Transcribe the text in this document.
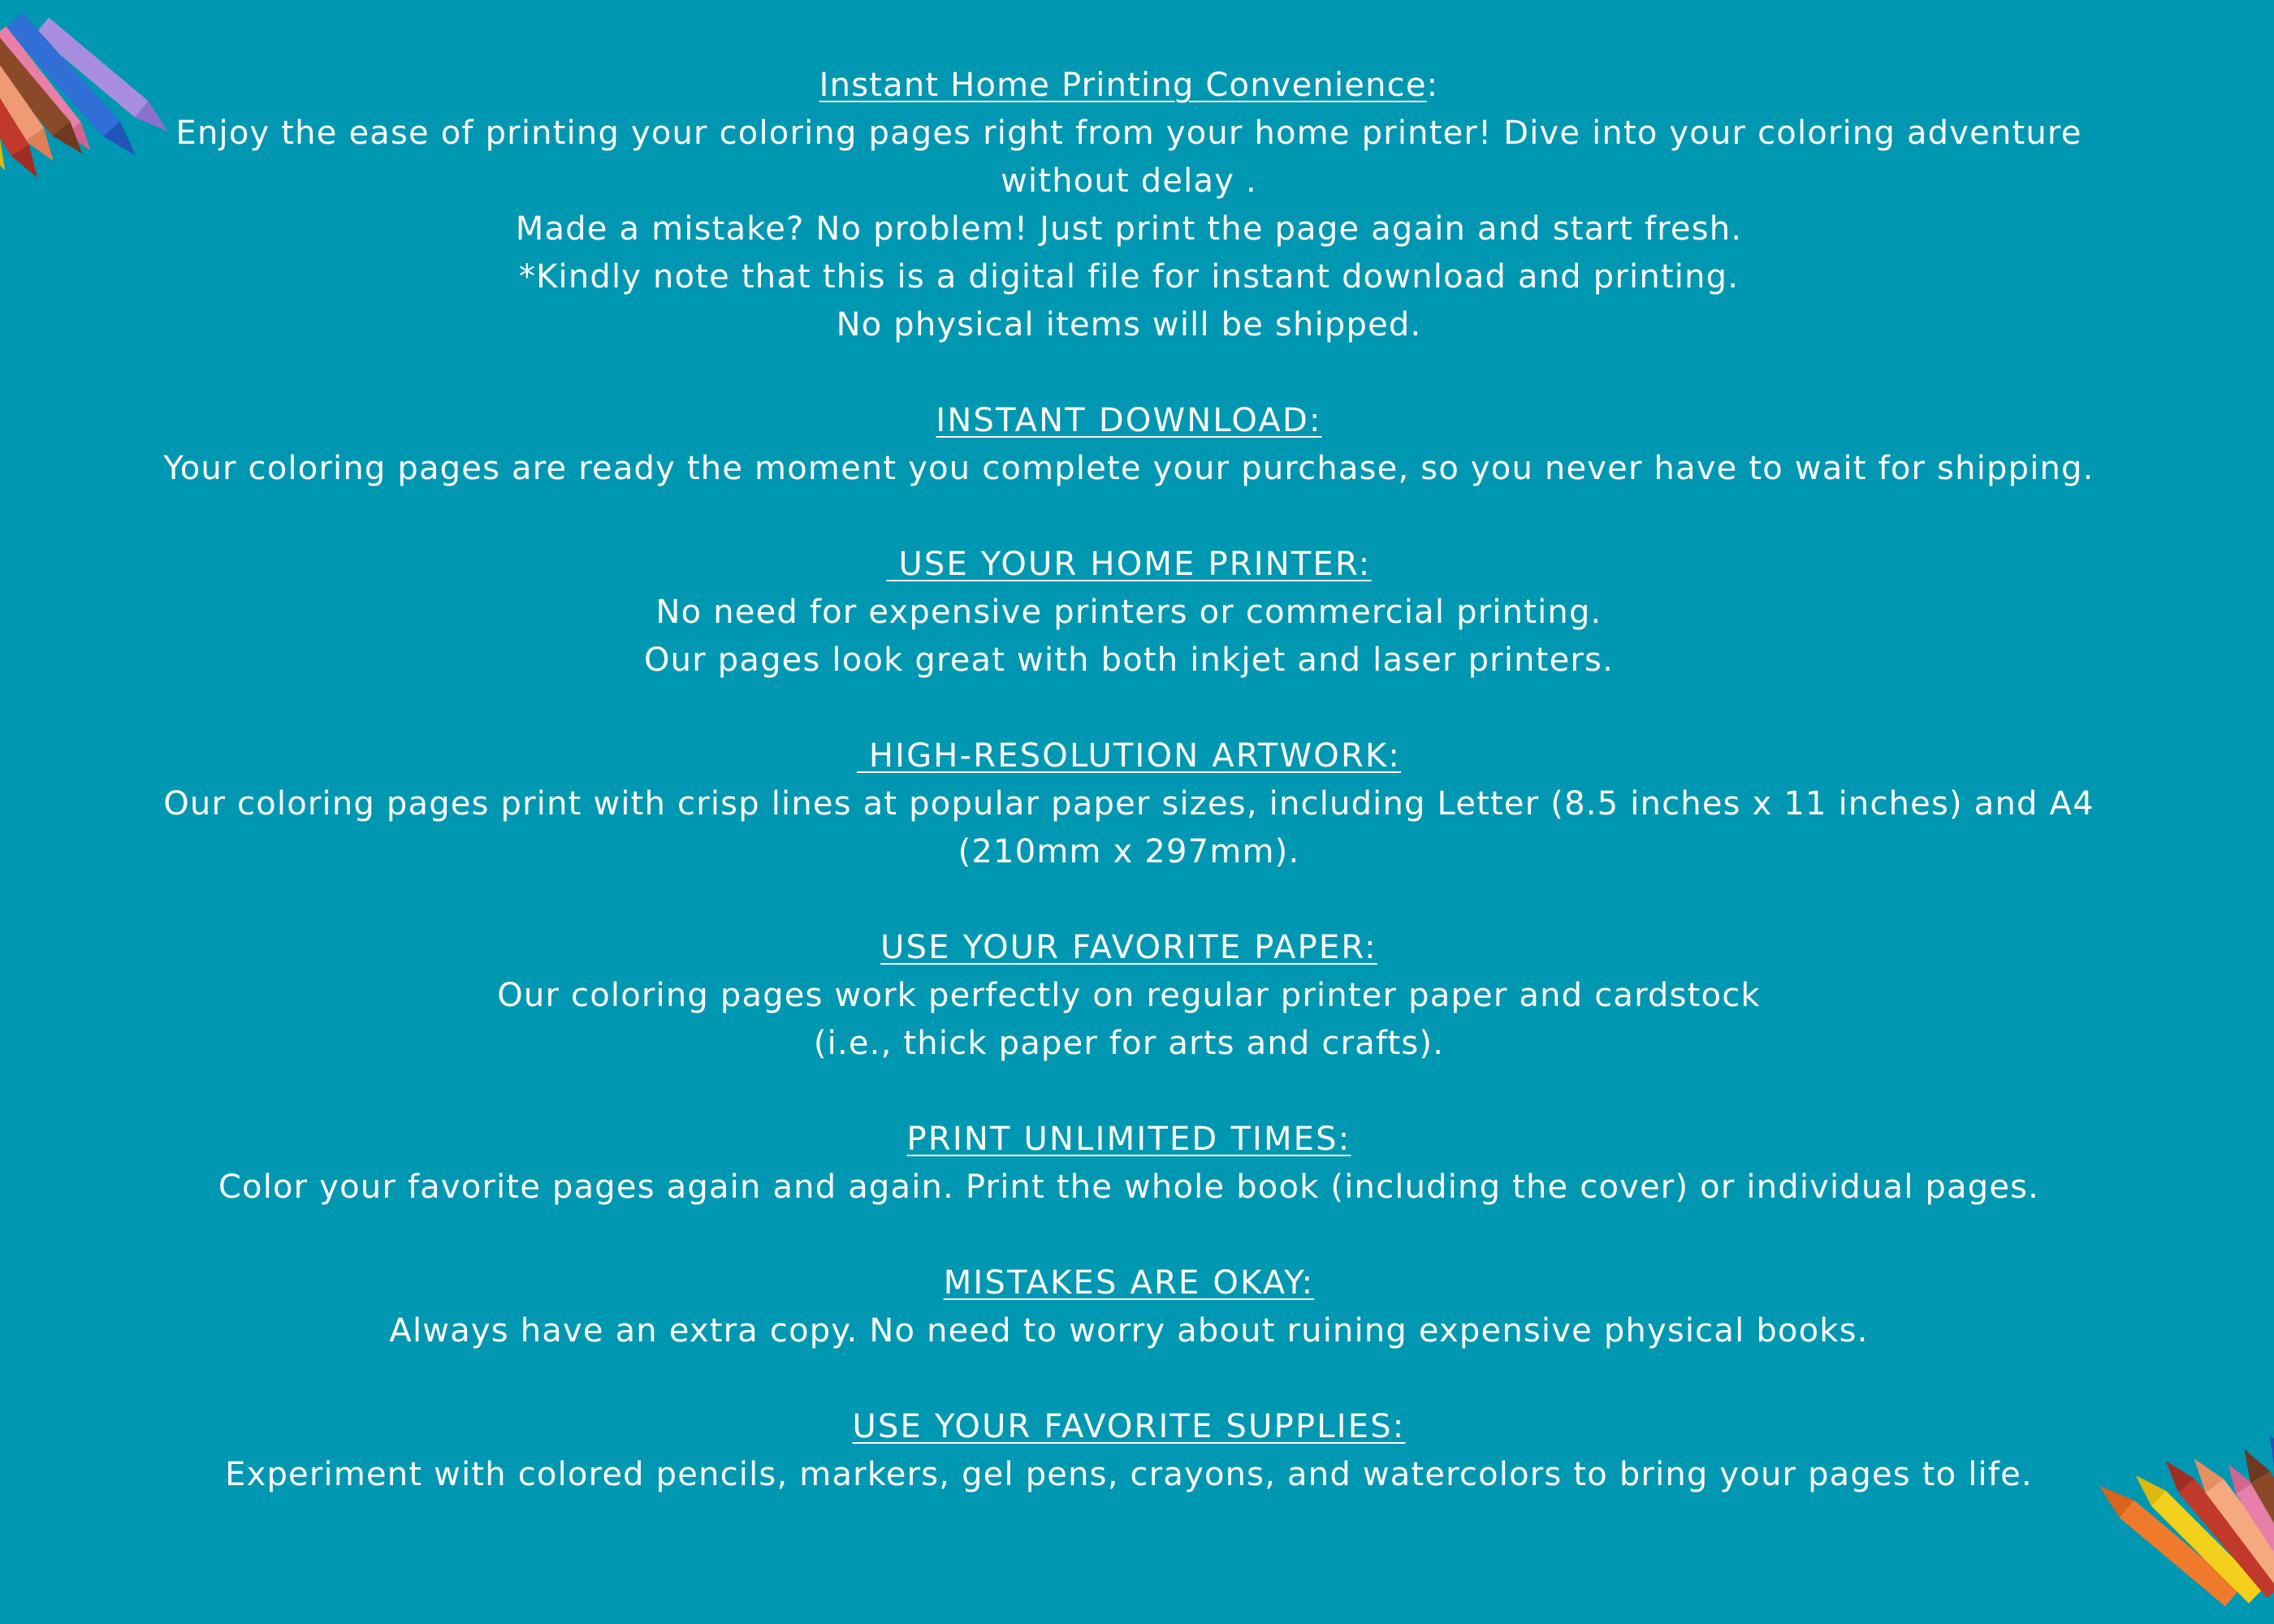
Instant Home Printing Convenience:
Enjoy the ease of printing your coloring pages right from your home printer! Dive into your coloring adventure
without delay .
Made a mistake? No problem! Just print the page again and start fresh.
*Kindly note that this is a digital file for instant download and printing.
No physical items will be shipped.
INSTANT DOWNLOAD:
Your coloring pages are ready the moment you complete your purchase, so you never have to wait for shipping.
USE YOUR HOME PRINTER:
No need for expensive printers or commercial printing.
Our pages look great with both inkjet and laser printers.
HIGH-RESOLUTION ARTWORK:
Our coloring pages print with crisp lines at popular paper sizes, including Letter (8.5 inches x 11 inches) and A4
(210mm x 297mm).
USE YOUR FAVORITE PAPER:
Our coloring pages work perfectly on regular printer paper and cardstock
(i.e., thick paper for arts and crafts).
PRINT UNLIMITED TIMES:
Color your favorite pages again and again. Print the whole book (including the cover) or individual pages.
MISTAKES ARE OKAY:
Always have an extra copy. No need to worry about ruining expensive physical books.
USE YOUR FAVORITE SUPPLIES:
Experiment with colored pencils, markers, gel pens, crayons, and watercolors to bring your pages to life.
